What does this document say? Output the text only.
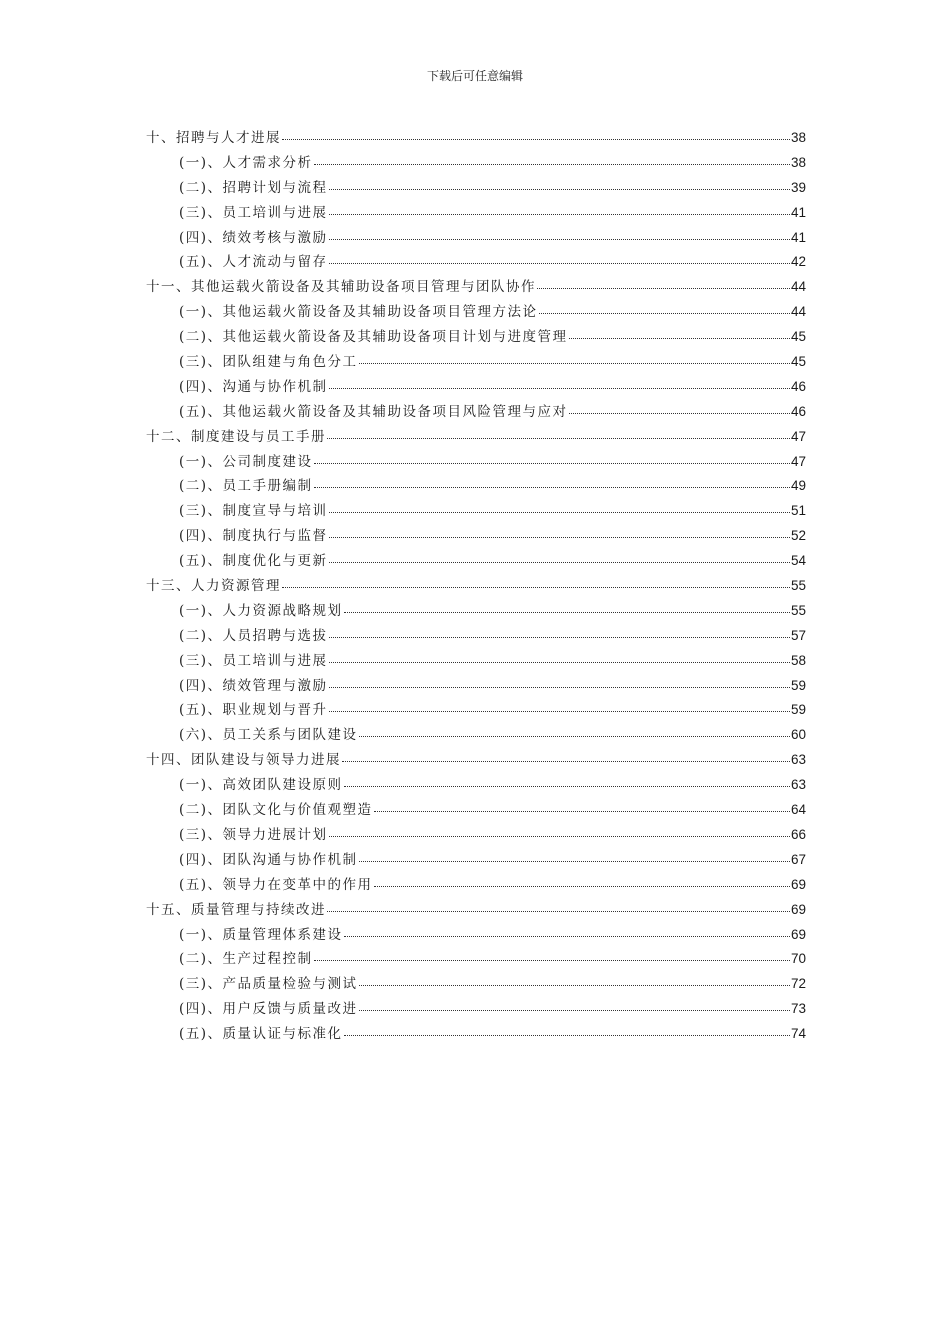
下载后可任意编辑
十、招聘与人才进展	38
(一)、人才需求分析	38
(二)、招聘计划与流程	39
(三)、员工培训与进展	41
(四)、绩效考核与激励	41
(五)、人才流动与留存	42
十一、其他运载火箭设备及其辅助设备项目管理与团队协作	44
(一)、其他运载火箭设备及其辅助设备项目管理方法论	44
(二)、其他运载火箭设备及其辅助设备项目计划与进度管理	45
(三)、团队组建与角色分工	45
(四)、沟通与协作机制	46
(五)、其他运载火箭设备及其辅助设备项目风险管理与应对	46
十二、制度建设与员工手册	47
(一)、公司制度建设	47
(二)、员工手册编制	49
(三)、制度宣导与培训	51
(四)、制度执行与监督	52
(五)、制度优化与更新	54
十三、人力资源管理	55
(一)、人力资源战略规划	55
(二)、人员招聘与选拔	57
(三)、员工培训与进展	58
(四)、绩效管理与激励	59
(五)、职业规划与晋升	59
(六)、员工关系与团队建设	60
十四、团队建设与领导力进展	63
(一)、高效团队建设原则	63
(二)、团队文化与价值观塑造	64
(三)、领导力进展计划	66
(四)、团队沟通与协作机制	67
(五)、领导力在变革中的作用	69
十五、质量管理与持续改进	69
(一)、质量管理体系建设	69
(二)、生产过程控制	70
(三)、产品质量检验与测试	72
(四)、用户反馈与质量改进	73
(五)、质量认证与标准化	74
